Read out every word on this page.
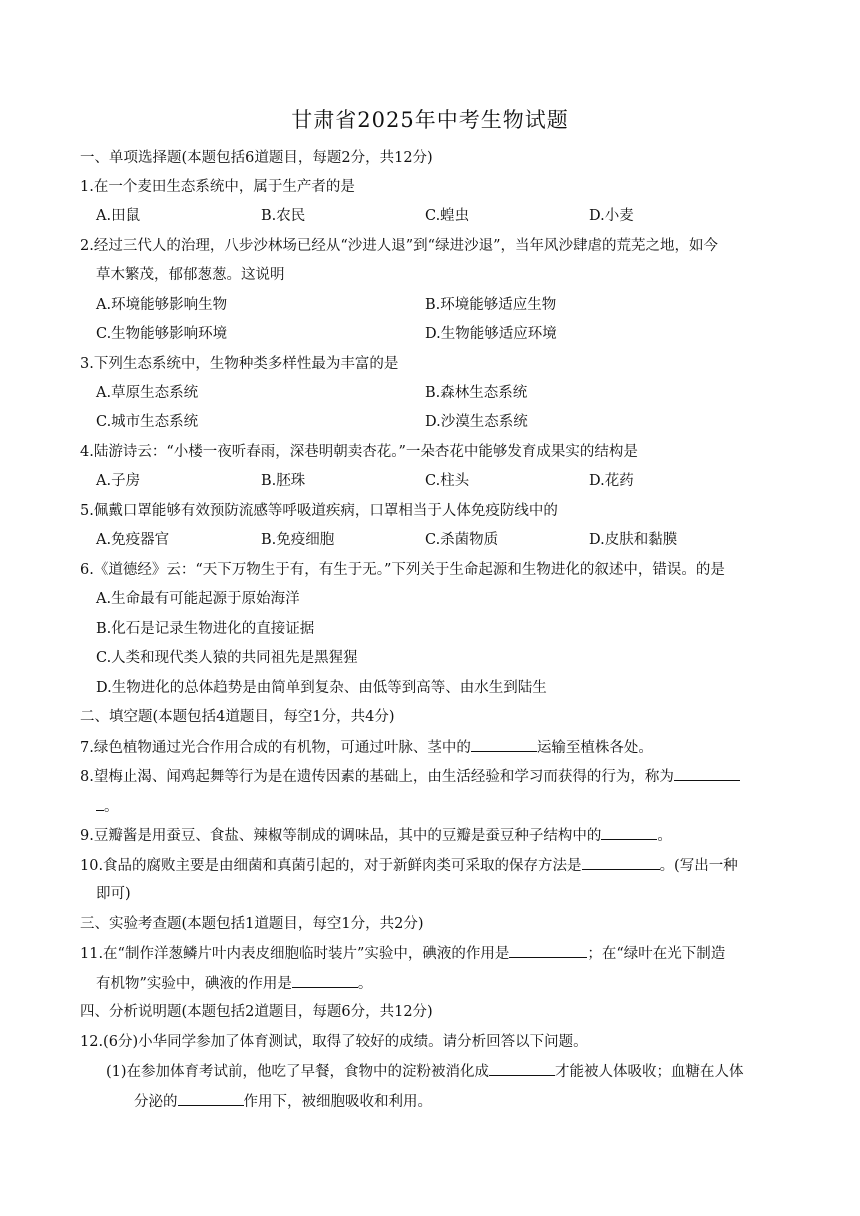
甘肃省2025年中考生物试题
一、单项选择题(本题包括6道题目，每题2分，共12分)
1.在一个麦田生态系统中，属于生产者的是
A.田鼠	B.农民	C.蝗虫	D.小麦
2.经过三代人的治理，八步沙林场已经从“沙进人退”到“绿进沙退”，当年风沙肆虐的荒芜之地，如今
草木繁茂，郁郁葱葱。这说明
A.环境能够影响生物	B.环境能够适应生物
C.生物能够影响环境	D.生物能够适应环境
3.下列生态系统中，生物种类多样性最为丰富的是
A.草原生态系统	B.森林生态系统
C.城市生态系统	D.沙漠生态系统
4.陆游诗云：“小楼一夜听春雨，深巷明朝卖杏花。”一朵杏花中能够发育成果实的结构是
A.子房	B.胚珠	C.柱头	D.花药
5.佩戴口罩能够有效预防流感等呼吸道疾病，口罩相当于人体免疫防线中的
A.免疫器官	B.免疫细胞	C.杀菌物质	D.皮肤和黏膜
6.《道德经》云：“天下万物生于有，有生于无。”下列关于生命起源和生物进化的叙述中，错误。的是
A.生命最有可能起源于原始海洋
B.化石是记录生物进化的直接证据
C.人类和现代类人猿的共同祖先是黑猩猩
D.生物进化的总体趋势是由简单到复杂、由低等到高等、由水生到陆生
二、填空题(本题包括4道题目，每空1分，共4分)
7.绿色植物通过光合作用合成的有机物，可通过叶脉、茎中的	运输至植株各处。
8.望梅止渴、闻鸡起舞等行为是在遗传因素的基础上，由生活经验和学习而获得的行为，称为
。
9.豆瓣酱是用蚕豆、食盐、辣椒等制成的调味品，其中的豆瓣是蚕豆种子结构中的	。
10.食品的腐败主要是由细菌和真菌引起的，对于新鲜肉类可采取的保存方法是	。(写出一种
即可)
三、实验考查题(本题包括1道题目，每空1分，共2分)
11.在“制作洋葱鳞片叶内表皮细胞临时装片”实验中，碘液的作用是	；在“绿叶在光下制造
有机物”实验中，碘液的作用是	。
四、分析说明题(本题包括2道题目，每题6分，共12分)
12.(6分)小华同学参加了体育测试，取得了较好的成绩。请分析回答以下问题。
(1)在参加体育考试前，他吃了早餐，食物中的淀粉被消化成	才能被人体吸收；血糖在人体
分泌的	作用下，被细胞吸收和利用。
